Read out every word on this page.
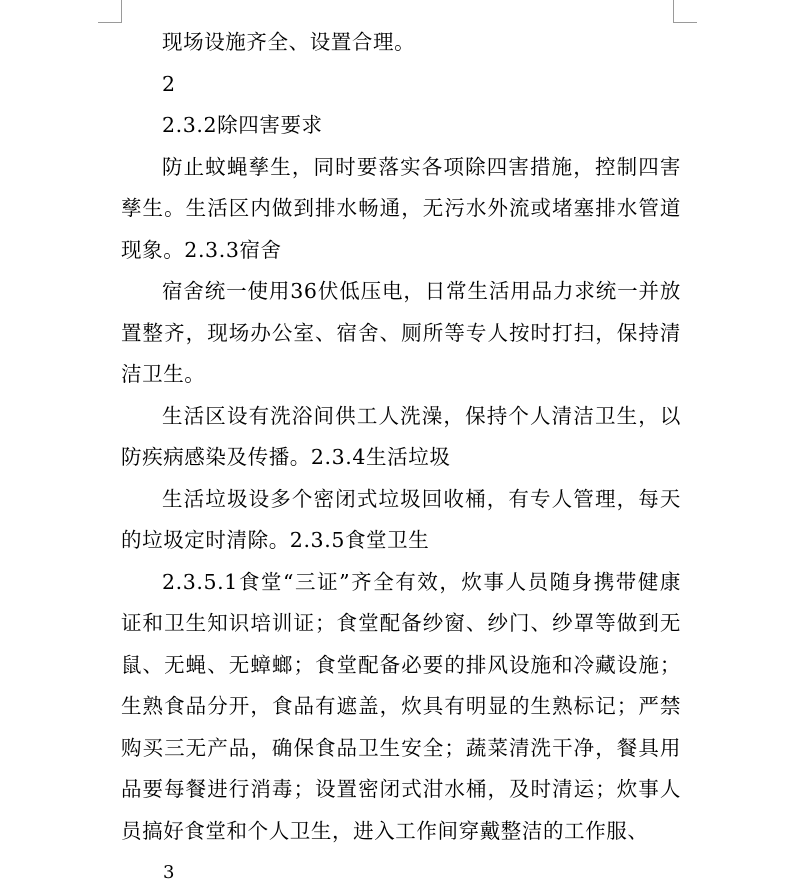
现场设施齐全、设置合理。

2

2.3.2除四害要求

防止蚊蝇孳生，同时要落实各项除四害措施，控制四害孳生。生活区内做到排水畅通，无污水外流或堵塞排水管道现象。2.3.3宿舍

宿舍统一使用36伏低压电，日常生活用品力求统一并放置整齐，现场办公室、宿舍、厕所等专人按时打扫，保持清洁卫生。

生活区设有洗浴间供工人洗澡，保持个人清洁卫生，以防疾病感染及传播。2.3.4生活垃圾

生活垃圾设多个密闭式垃圾回收桶，有专人管理，每天的垃圾定时清除。2.3.5食堂卫生

2.3.5.1食堂“三证”齐全有效，炊事人员随身携带健康证和卫生知识培训证；食堂配备纱窗、纱门、纱罩等做到无鼠、无蝇、无蟑螂；食堂配备必要的排风设施和冷藏设施；生熟食品分开，食品有遮盖，炊具有明显的生熟标记；严禁购买三无产品，确保食品卫生安全；蔬菜清洗干净，餐具用品要每餐进行消毒；设置密闭式泔水桶，及时清运；炊事人员搞好食堂和个人卫生，进入工作间穿戴整洁的工作服、

3
